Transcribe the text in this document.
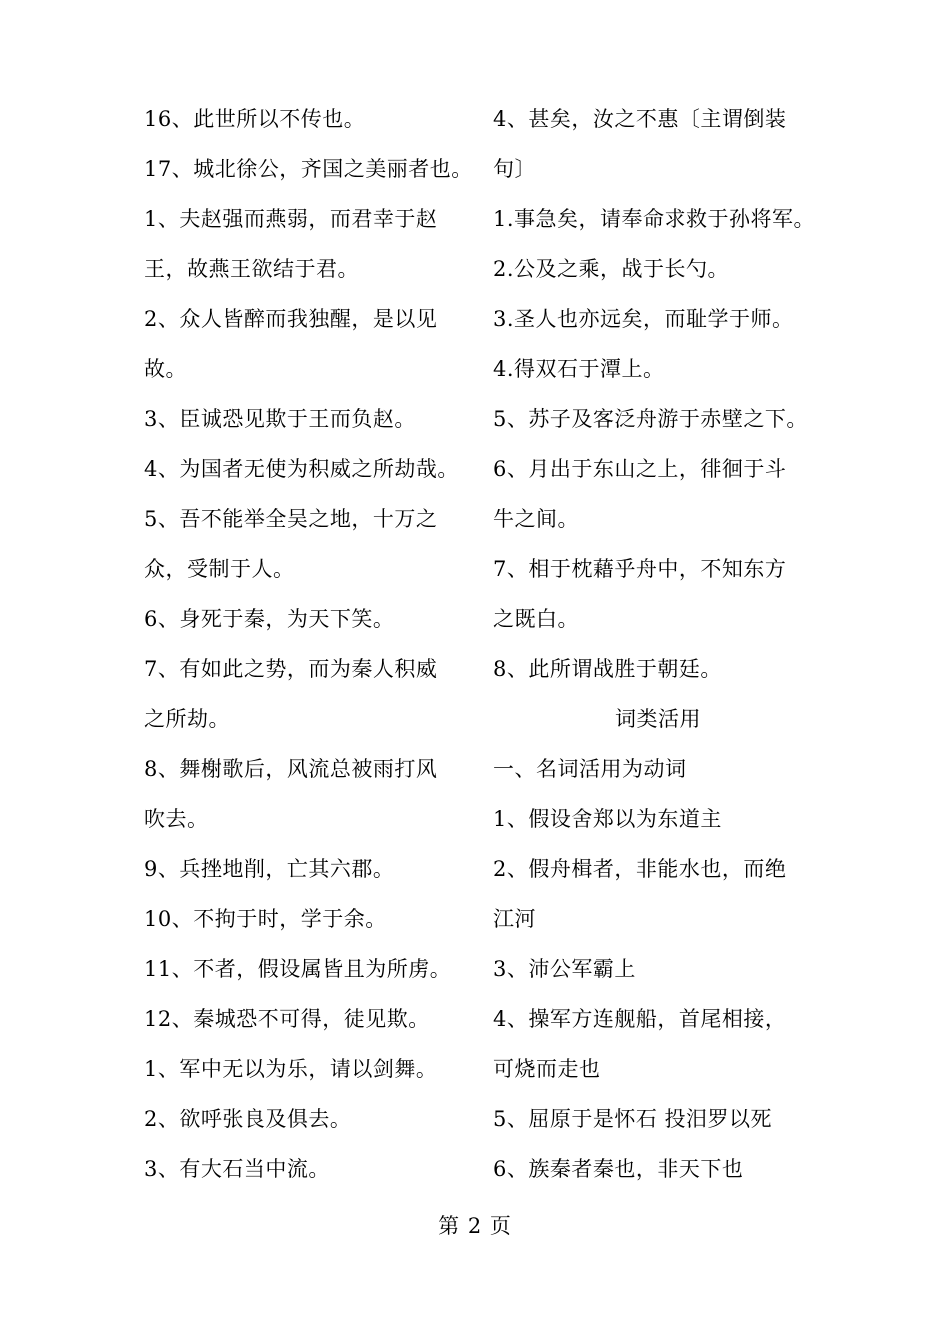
16、此世所以不传也。
17、城北徐公，齐国之美丽者也。
1、夫赵强而燕弱，而君幸于赵
王，故燕王欲结于君。
2、众人皆醉而我独醒，是以见
故。
3、臣诚恐见欺于王而负赵。
4、为国者无使为积威之所劫哉。
5、吾不能举全吴之地，十万之
众，受制于人。
6、身死于秦，为天下笑。
7、有如此之势，而为秦人积威
之所劫。
8、舞榭歌后，风流总被雨打风
吹去。
9、兵挫地削，亡其六郡。
10、不拘于时，学于余。
11、不者，假设属皆且为所虏。
12、秦城恐不可得，徒见欺。
1、军中无以为乐，请以剑舞。
2、欲呼张良及俱去。
3、有大石当中流。
4、甚矣，汝之不惠〔主谓倒装
句〕
1.事急矣，请奉命求救于孙将军。
2.公及之乘，战于长勺。
3.圣人也亦远矣，而耻学于师。
4.得双石于潭上。
5、苏子及客泛舟游于赤壁之下。
6、月出于东山之上，徘徊于斗
牛之间。
7、相于枕藉乎舟中，不知东方
之既白。
8、此所谓战胜于朝廷。
词类活用
一、名词活用为动词
1、假设舍郑以为东道主
2、假舟楫者，非能水也，而绝
江河
3、沛公军霸上
4、操军方连舰船，首尾相接，
可烧而走也
5、屈原于是怀石 投汨罗以死
6、族秦者秦也，非天下也
第 2 页
